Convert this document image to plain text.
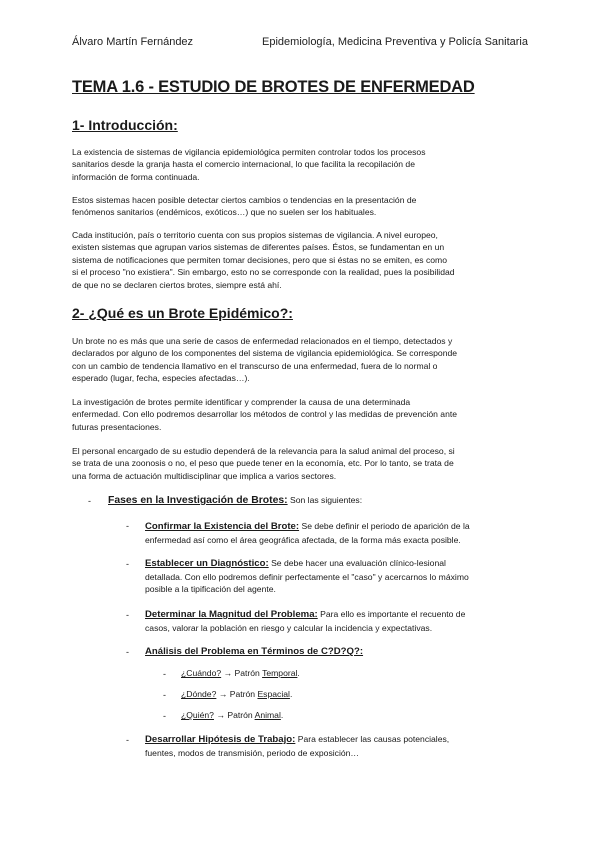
Álvaro Martín Fernández	Epidemiología, Medicina Preventiva y Policía Sanitaria
TEMA 1.6 - ESTUDIO DE BROTES DE ENFERMEDAD
1- Introducción:
La existencia de sistemas de vigilancia epidemiológica permiten controlar todos los procesos
sanitarios desde la granja hasta el comercio internacional, lo que facilita la recopilación de
información de forma continuada.
Estos sistemas hacen posible detectar ciertos cambios o tendencias en la presentación de
fenómenos sanitarios (endémicos, exóticos…) que no suelen ser los habituales.
Cada institución, país o territorio cuenta con sus propios sistemas de vigilancia. A nivel europeo,
existen sistemas que agrupan varios sistemas de diferentes países. Éstos, se fundamentan en un
sistema de notificaciones que permiten tomar decisiones, pero que si éstas no se emiten, es como
si el proceso "no existiera". Sin embargo, esto no se corresponde con la realidad, pues la posibilidad
de que no se declaren ciertos brotes, siempre está ahí.
2- ¿Qué es un Brote Epidémico?:
Un brote no es más que una serie de casos de enfermedad relacionados en el tiempo, detectados y
declarados por alguno de los componentes del sistema de vigilancia epidemiológica. Se corresponde
con un cambio de tendencia llamativo en el transcurso de una enfermedad, fuera de lo normal o
esperado (lugar, fecha, especies afectadas…).
La investigación de brotes permite identificar y comprender la causa de una determinada
enfermedad. Con ello podremos desarrollar los métodos de control y las medidas de prevención ante
futuras presentaciones.
El personal encargado de su estudio dependerá de la relevancia para la salud animal del proceso, si
se trata de una zoonosis o no, el peso que puede tener en la economía, etc. Por lo tanto, se trata de
una forma de actuación multidisciplinar que implica a varios sectores.
- Fases en la Investigación de Brotes: Son las siguientes:
- Confirmar la Existencia del Brote: Se debe definir el periodo de aparición de la
enfermedad así como el área geográfica afectada, de la forma más exacta posible.
- Establecer un Diagnóstico: Se debe hacer una evaluación clínico-lesional
detallada. Con ello podremos definir perfectamente el "caso" y acercarnos lo máximo
posible a la tipificación del agente.
- Determinar la Magnitud del Problema: Para ello es importante el recuento de
casos, valorar la población en riesgo y calcular la incidencia y expectativas.
- Análisis del Problema en Términos de C?D?Q?:
- ¿Cuándo? → Patrón Temporal.
- ¿Dónde? → Patrón Espacial.
- ¿Quién? → Patrón Animal.
- Desarrollar Hipótesis de Trabajo: Para establecer las causas potenciales,
fuentes, modos de transmisión, periodo de exposición…
